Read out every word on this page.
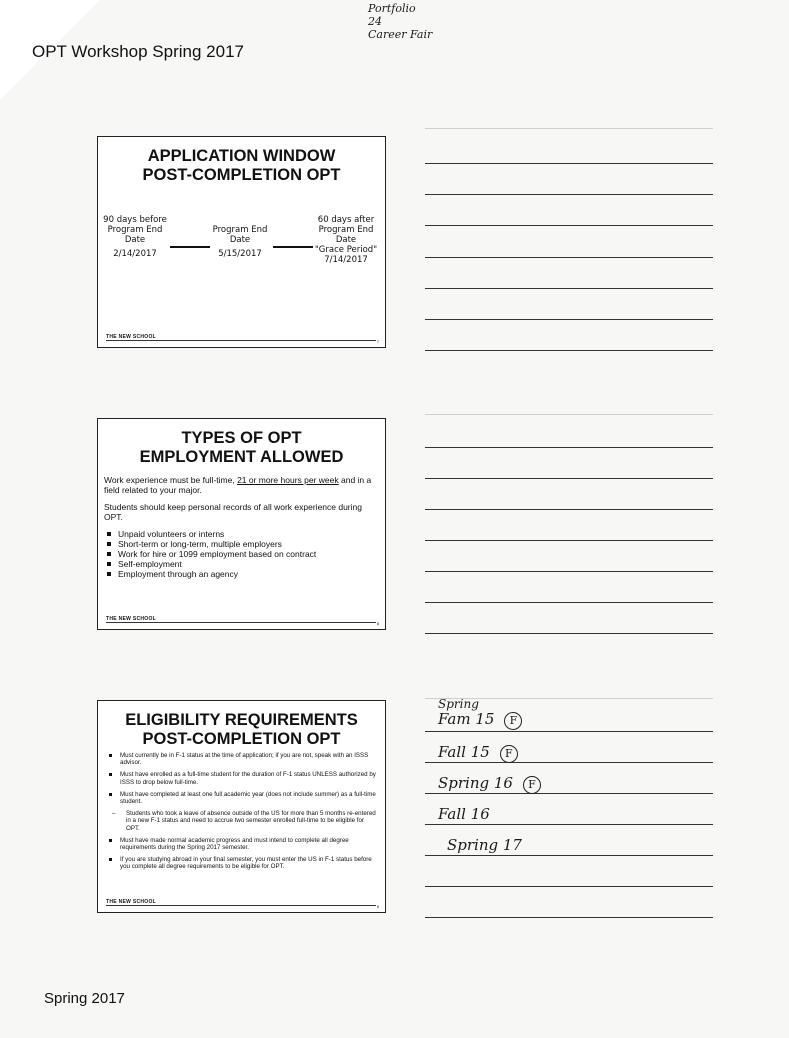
OPT Workshop Spring 2017
Portfolio
24
Career Fair
APPLICATION WINDOW POST-COMPLETION OPT
90 days before
Program End
Date
2/14/2017
Program End
Date
5/15/2017
60 days after
Program End
Date
"Grace Period"
7/14/2017
THE NEW SCHOOL
7
TYPES OF OPT EMPLOYMENT ALLOWED

Work experience must be full-time, 21 or more hours per week and in a field related to your major.

Students should keep personal records of all work experience during OPT.

Unpaid volunteers or interns
Short-term or long-term, multiple employers
Work for hire or 1099 employment based on contract
Self-employment
Employment through an agency
THE NEW SCHOOL
8
ELIGIBILITY REQUIREMENTS POST-COMPLETION OPT
Must currently be in F-1 status at the time of application; if you are not, speak with an ISSS advisor.
Must have enrolled as a full-time student for the duration of F-1 status UNLESS authorized by ISSS to drop below full-time.
Must have completed at least one full academic year (does not include summer) as a full-time student.
– Students who took a leave of absence outside of the US for more than 5 months re-entered in a new F-1 status and need to accrue two semester enrolled full-time to be eligible for OPT.
Must have made normal academic progress and must intend to complete all degree requirements during the Spring 2017 semester.
If you are studying abroad in your final semester, you must enter the US in F-1 status before you complete all degree requirements to be eligible for OPT.
THE NEW SCHOOL
9
Spring
Fam 15 F
Fall 15 F
Spring 16 F
Fall 16
Spring 17
Spring 2017
